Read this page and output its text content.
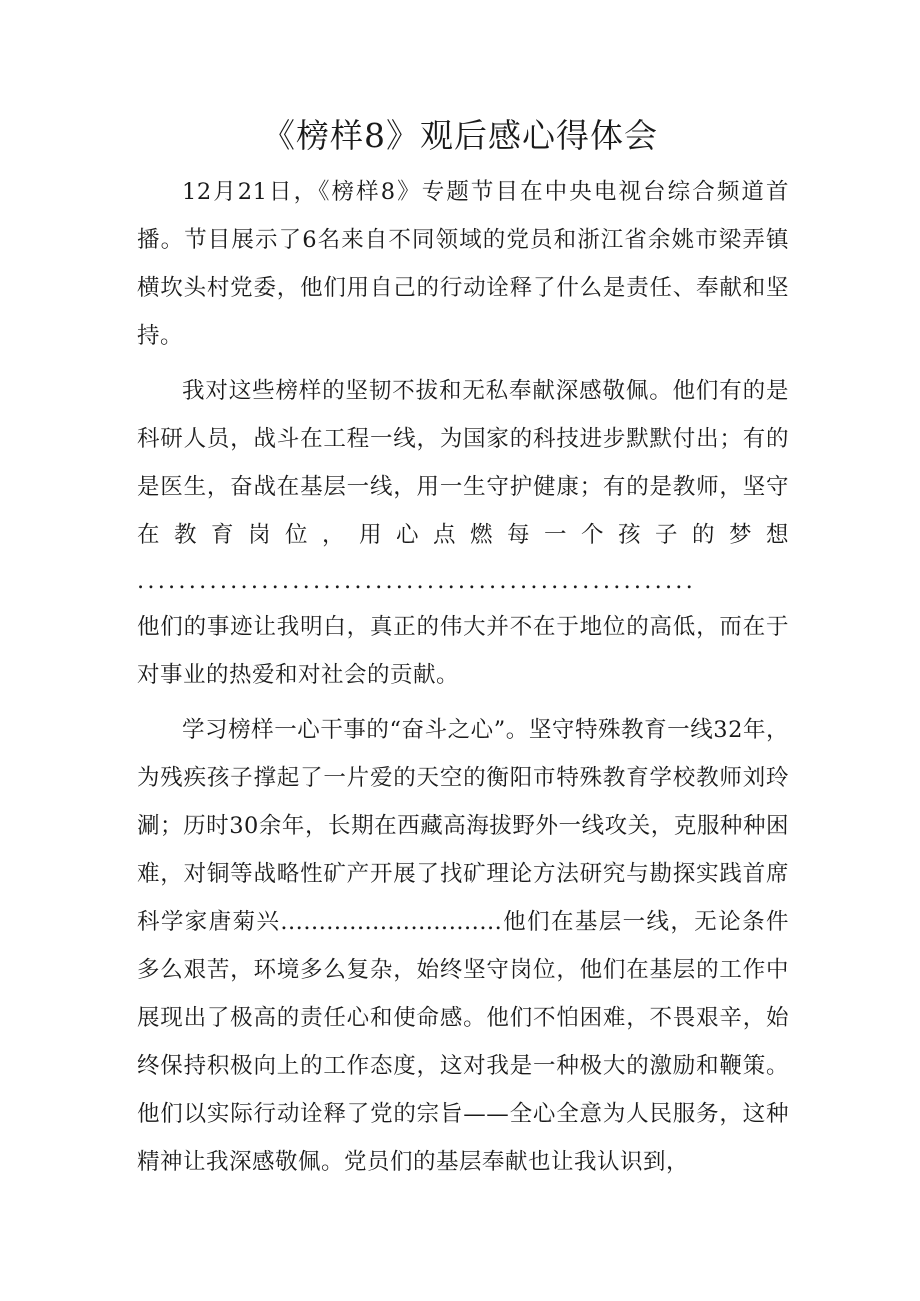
《榜样8》观后感心得体会

12月21日，《榜样8》专题节目在中央电视台综合频道首播。节目展示了6名来自不同领域的党员和浙江省余姚市梁弄镇横坎头村党委，他们用自己的行动诠释了什么是责任、奉献和坚持。

我对这些榜样的坚韧不拔和无私奉献深感敬佩。他们有的是科研人员，战斗在工程一线，为国家的科技进步默默付出；有的是医生，奋战在基层一线，用一生守护健康；有的是教师，坚守在教育岗位，用心点燃每一个孩子的梦想

......................................................

他们的事迹让我明白，真正的伟大并不在于地位的高低，而在于对事业的热爱和对社会的贡献。

学习榜样一心干事的“奋斗之心”。坚守特殊教育一线32年，为残疾孩子撑起了一片爱的天空的衡阳市特殊教育学校教师刘玲涮；历时30余年，长期在西藏高海拔野外一线攻关，克服种种困难，对铜等战略性矿产开展了找矿理论方法研究与勘探实践首席科学家唐菊兴.............................他们在基层一线，无论条件多么艰苦，环境多么复杂，始终坚守岗位，他们在基层的工作中展现出了极高的责任心和使命感。他们不怕困难，不畏艰辛，始终保持积极向上的工作态度，这对我是一种极大的激励和鞭策。他们以实际行动诠释了党的宗旨——全心全意为人民服务，这种精神让我深感敬佩。党员们的基层奉献也让我认识到，
